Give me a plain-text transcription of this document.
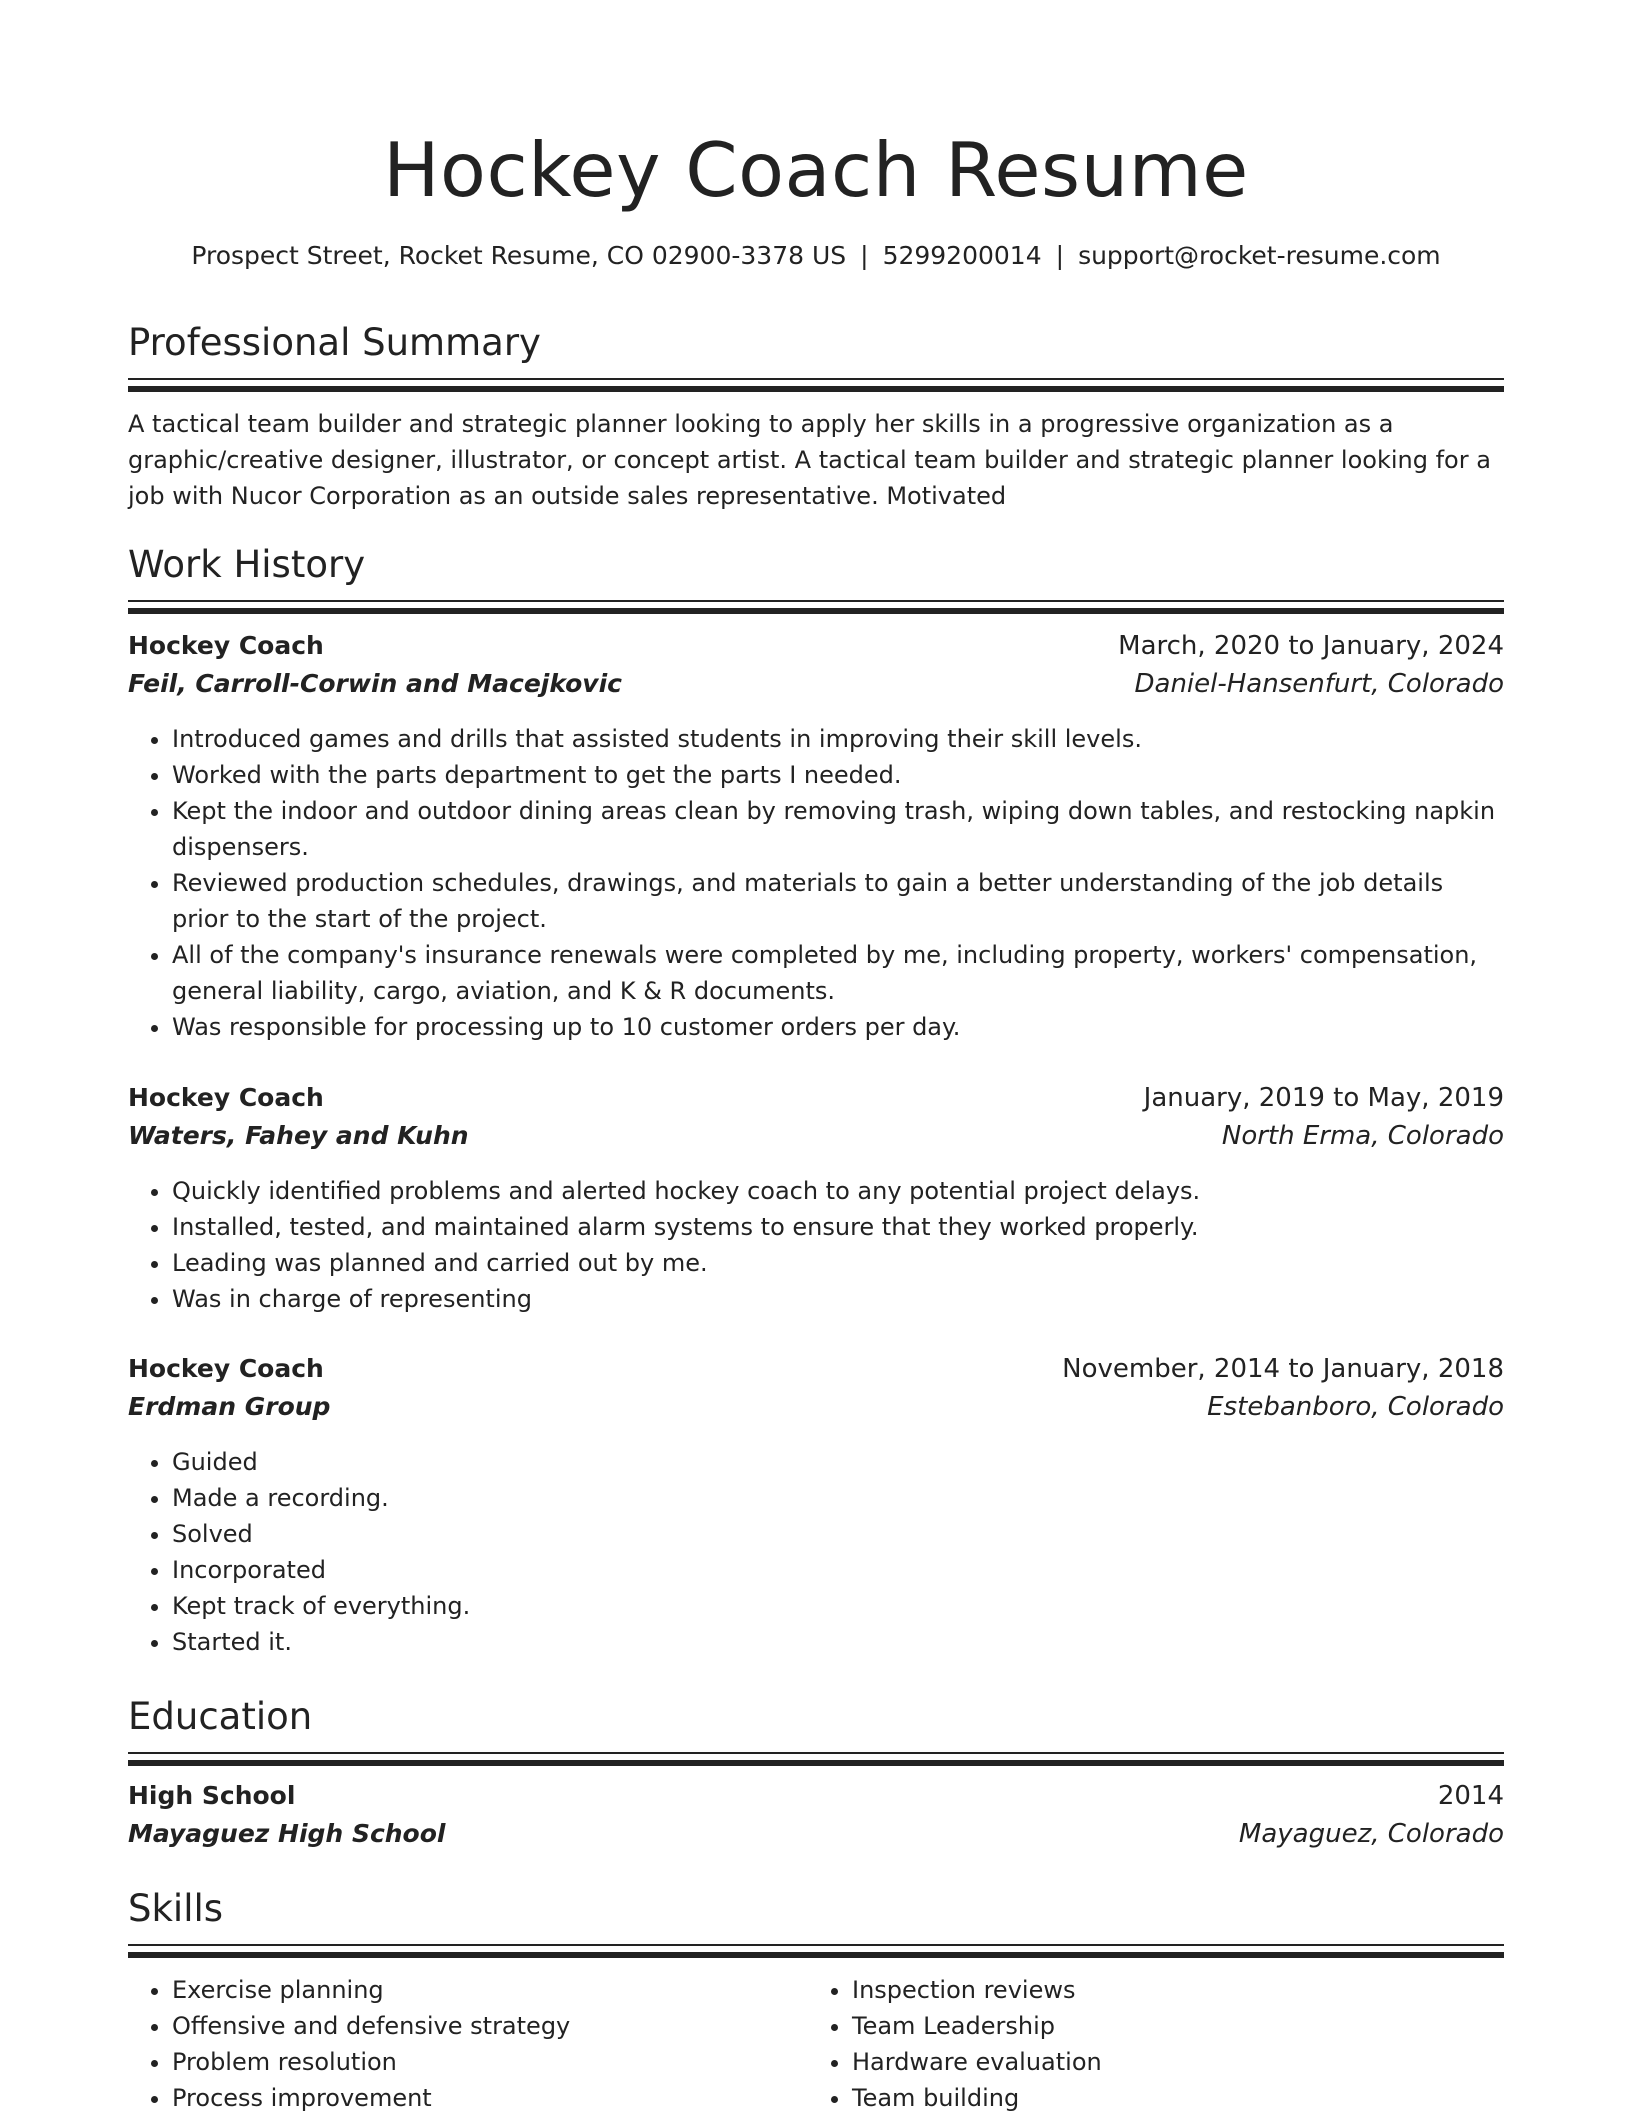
Hockey Coach Resume
Prospect Street, Rocket Resume, CO 02900-3378 US | 5299200014 | support@rocket-resume.com
Professional Summary

A tactical team builder and strategic planner looking to apply her skills in a progressive organization as a graphic/creative designer, illustrator, or concept artist. A tactical team builder and strategic planner looking for a job with Nucor Corporation as an outside sales representative. Motivated

Work History
Hockey Coach	March, 2020 to January, 2024
Feil, Carroll-Corwin and Macejkovic	Daniel-Hansenfurt, Colorado
• Introduced games and drills that assisted students in improving their skill levels.
• Worked with the parts department to get the parts I needed.
• Kept the indoor and outdoor dining areas clean by removing trash, wiping down tables, and restocking napkin dispensers.
• Reviewed production schedules, drawings, and materials to gain a better understanding of the job details prior to the start of the project.
• All of the company's insurance renewals were completed by me, including property, workers' compensation, general liability, cargo, aviation, and K & R documents.
• Was responsible for processing up to 10 customer orders per day.
Hockey Coach	January, 2019 to May, 2019
Waters, Fahey and Kuhn	North Erma, Colorado
• Quickly identified problems and alerted hockey coach to any potential project delays.
• Installed, tested, and maintained alarm systems to ensure that they worked properly.
• Leading was planned and carried out by me.
• Was in charge of representing
Hockey Coach	November, 2014 to January, 2018
Erdman Group	Estebanboro, Colorado
• Guided
• Made a recording.
• Solved
• Incorporated
• Kept track of everything.
• Started it.
Education
High School	2014
Mayaguez High School	Mayaguez, Colorado
Skills
• Exercise planning
• Offensive and defensive strategy
• Problem resolution
• Process improvement
• Inspection reviews
• Team Leadership
• Hardware evaluation
• Team building
